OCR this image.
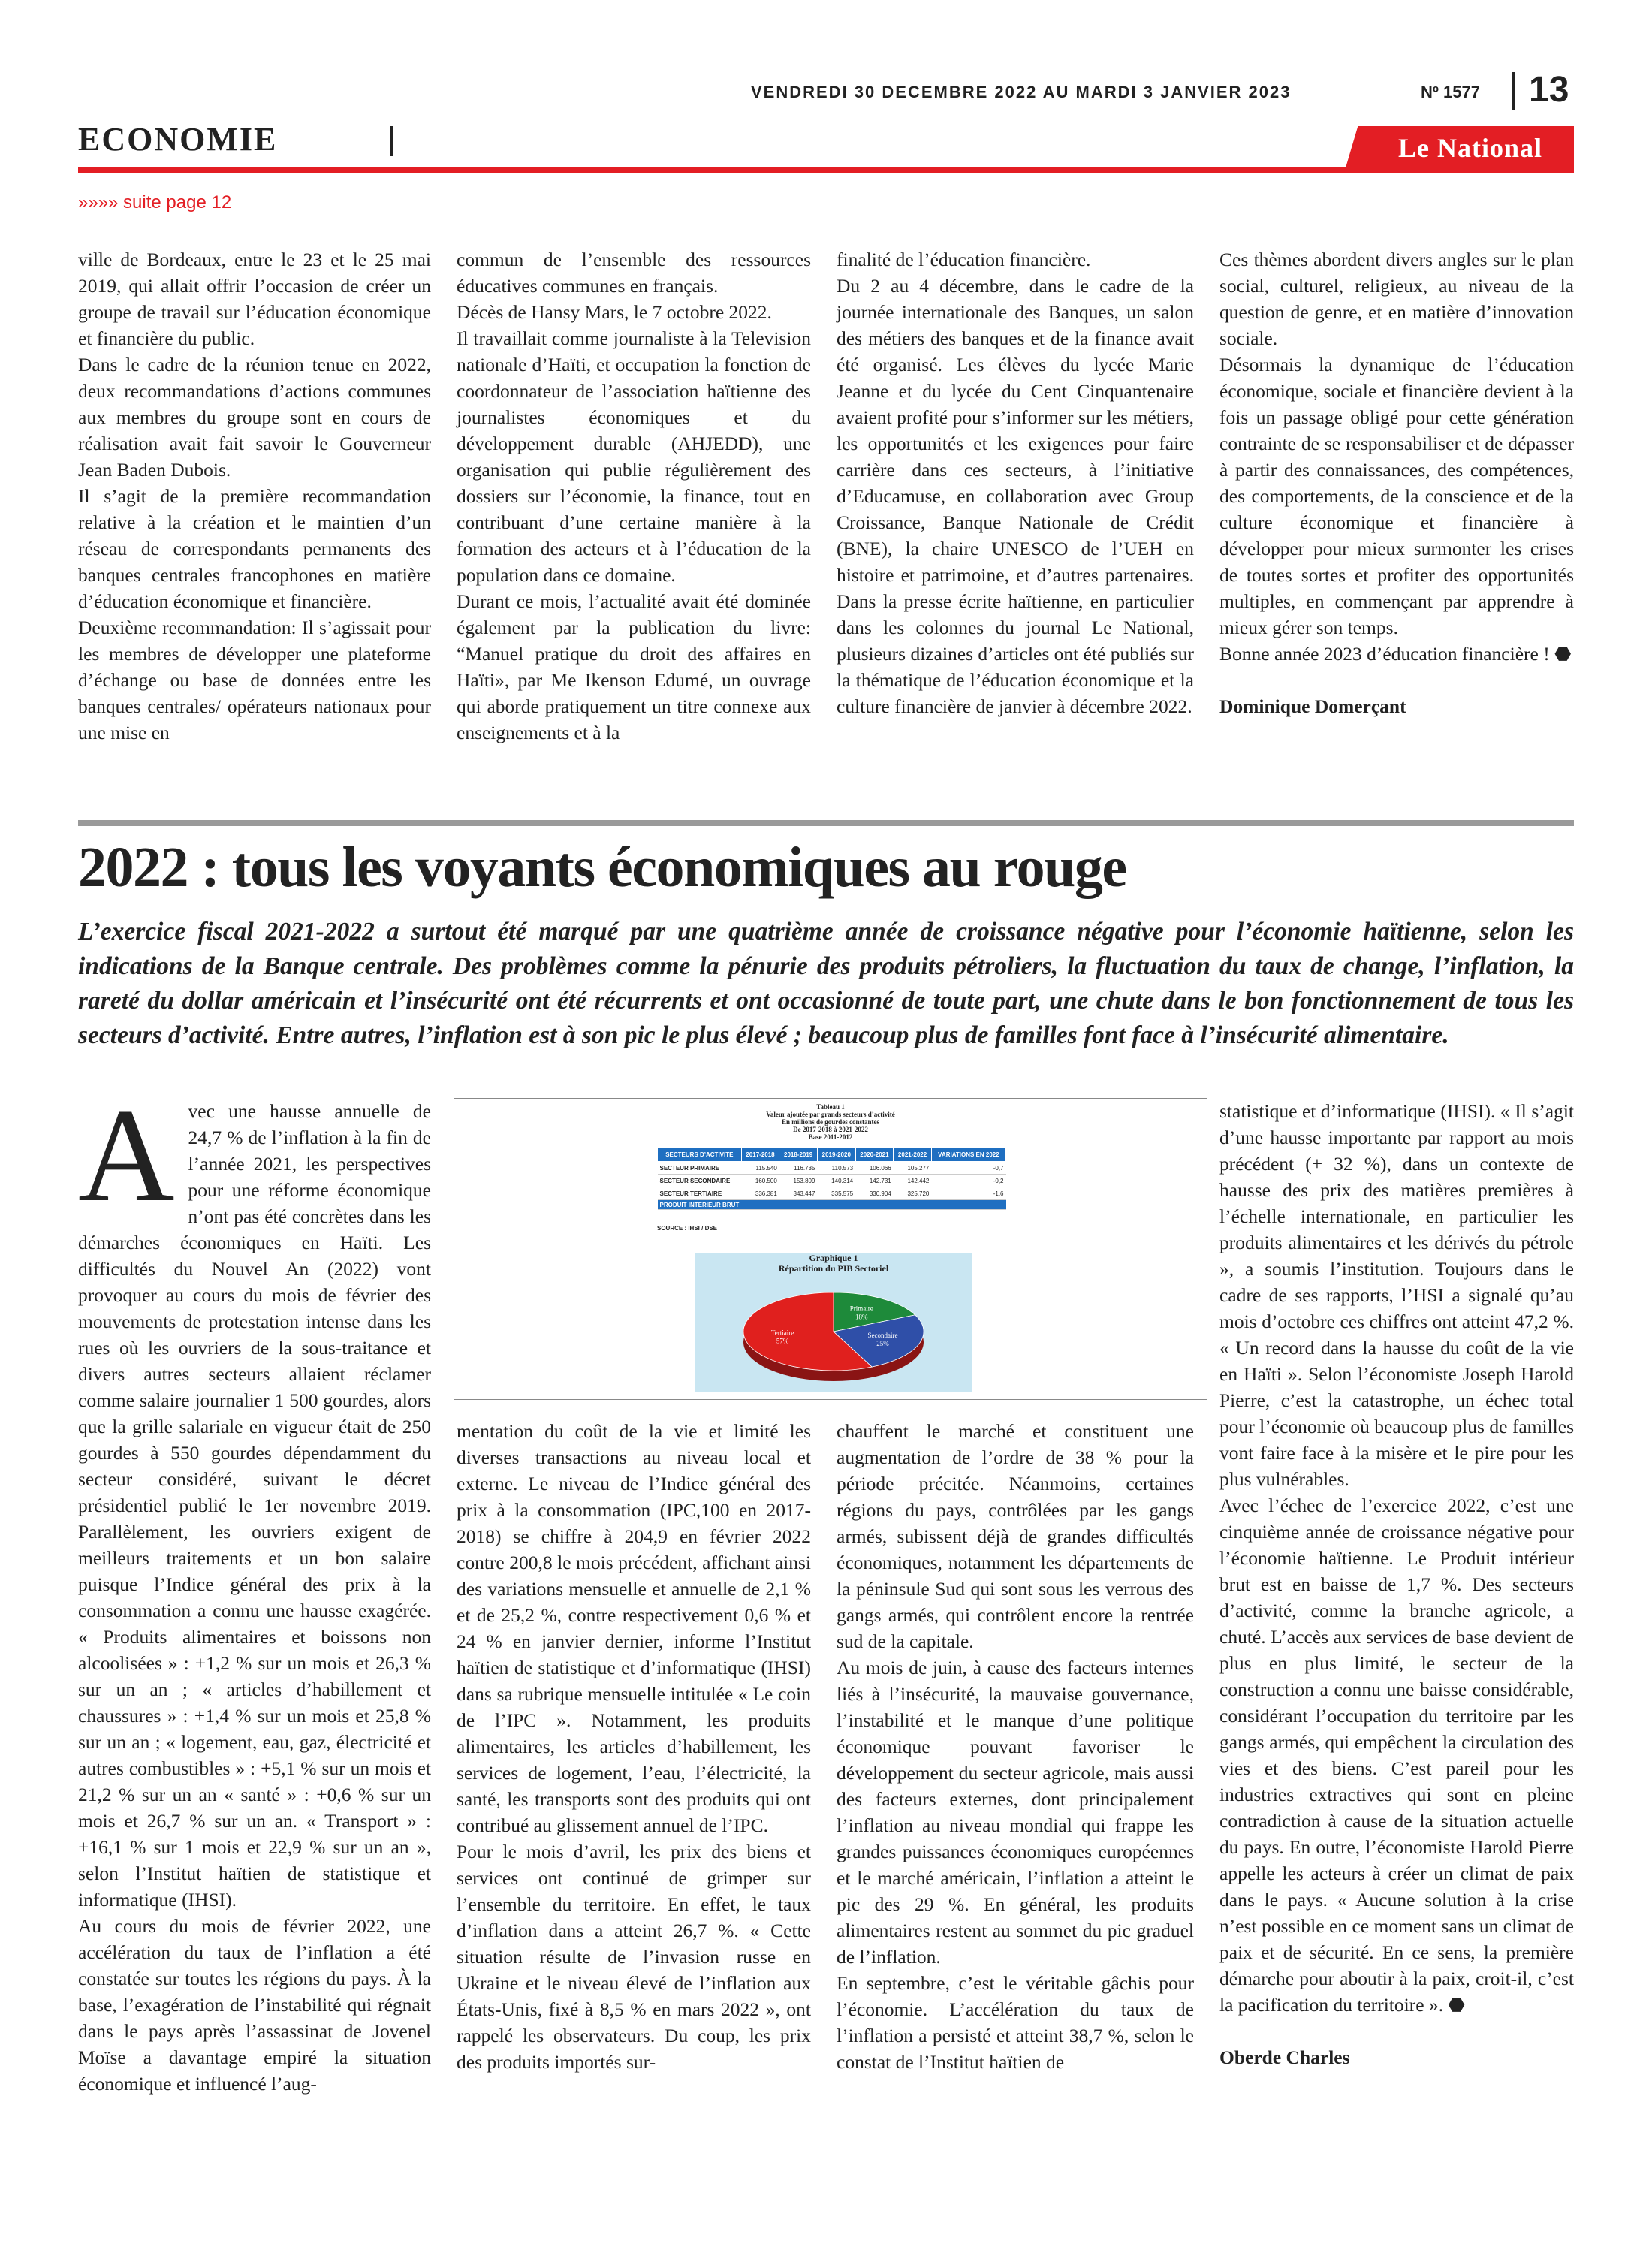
VENDREDI 30 DECEMBRE 2022 AU MARDI 3 JANVIER 2023	Nº 1577 13
ECONOMIE	Le National
»»»» suite page 12

ville de Bordeaux, entre le 23 et le 25 mai 2019, qui allait offrir l’occasion de créer un groupe de travail sur l’éducation économique et financière du public.

Dans le cadre de la réunion tenue en 2022, deux recommandations d’actions communes aux membres du groupe sont en cours de réalisation avait fait savoir le Gouverneur Jean Baden Dubois.

Il s’agit de la première recommandation relative à la création et le maintien d’un réseau de correspondants permanents des banques centrales francophones en matière d’éducation économique et financière.

Deuxième recommandation: Il s’agissait pour les membres de développer une plateforme d’échange ou base de données entre les banques centrales/ opérateurs nationaux pour une mise en

commun de l’ensemble des ressources éducatives communes en français.

Décès de Hansy Mars, le 7 octobre 2022.

Il travaillait comme journaliste à la Television nationale d’Haïti, et occupation la fonction de coordonnateur de l’association haïtienne des journalistes économiques et du développement durable (AHJEDD), une organisation qui publie régulièrement des dossiers sur l’économie, la finance, tout en contribuant d’une certaine manière à la formation des acteurs et à l’éducation de la population dans ce domaine.

Durant ce mois, l’actualité avait été dominée également par la publication du livre: “Manuel pratique du droit des affaires en Haïti», par Me Ikenson Edumé, un ouvrage qui aborde pratiquement un titre connexe aux enseignements et à la

finalité de l’éducation financière.

Du 2 au 4 décembre, dans le cadre de la journée internationale des Banques, un salon des métiers des banques et de la finance avait été organisé. Les élèves du lycée Marie Jeanne et du lycée du Cent Cinquantenaire avaient profité pour s’informer sur les métiers, les opportunités et les exigences pour faire carrière dans ces secteurs, à l’initiative d’Educamuse, en collaboration avec Group Croissance, Banque Nationale de Crédit (BNE), la chaire UNESCO de l’UEH en histoire et patrimoine, et d’autres partenaires. Dans la presse écrite haïtienne, en particulier dans les colonnes du journal Le National, plusieurs dizaines d’articles ont été publiés sur la thématique de l’éducation économique et la culture financière de janvier à décembre 2022.

Ces thèmes abordent divers angles sur le plan social, culturel, religieux, au niveau de la question de genre, et en matière d’innovation sociale.

Désormais la dynamique de l’éducation économique, sociale et financière devient à la fois un passage obligé pour cette génération contrainte de se responsabiliser et de dépasser à partir des connaissances, des compétences, des comportements, de la conscience et de la culture économique et financière à développer pour mieux surmonter les crises de toutes sortes et profiter des opportunités multiples, en commençant par apprendre à mieux gérer son temps.

Bonne année 2023 d’éducation financière ! ⬣

Dominique Domerçant

2022 : tous les voyants économiques au rouge
L’exercice fiscal 2021-2022 a surtout été marqué par une quatrième année de croissance négative pour l’économie haïtienne, selon les indications de la Banque centrale. Des problèmes comme la pénurie des produits pétroliers, la fluctuation du taux de change, l’inflation, la rareté du dollar américain et l’insécurité ont été récurrents et ont occasionné de toute part, une chute dans le bon fonctionnement de tous les secteurs d’activité. Entre autres, l’inflation est à son pic le plus élevé ; beaucoup plus de familles font face à l’insécurité alimentaire.
A vec une hausse annuelle de 24,7 % de l’inflation à la fin de l’année 2021, les perspectives pour une réforme économique n’ont pas été concrètes dans les démarches économiques en Haïti. Les difficultés du Nouvel An (2022) vont provoquer au cours du mois de février des mouvements de protestation intense dans les rues où les ouvriers de la sous-traitance et divers autres secteurs allaient réclamer comme salaire journalier 1 500 gourdes, alors que la grille salariale en vigueur était de 250 gourdes à 550 gourdes dépendamment du secteur considéré, suivant le décret présidentiel publié le 1er novembre 2019. Parallèlement, les ouvriers exigent de meilleurs traitements et un bon salaire puisque l’Indice général des prix à la consommation a connu une hausse exagérée. « Produits alimentaires et boissons non alcoolisées » : +1,2 % sur un mois et 26,3 % sur un an ; « articles d’habillement et chaussures » : +1,4 % sur un mois et 25,8 % sur un an ; « logement, eau, gaz, électricité et autres combustibles » : +5,1 % sur un mois et 21,2 % sur un an « santé » : +0,6 % sur un mois et 26,7 % sur un an. « Transport » : +16,1 % sur 1 mois et 22,9 % sur un an », selon l’Institut haïtien de statistique et informatique (IHSI).

Au cours du mois de février 2022, une accélération du taux de l’inflation a été constatée sur toutes les régions du pays. À la base, l’exagération de l’instabilité qui régnait dans le pays après l’assassinat de Jovenel Moïse a davantage empiré la situation économique et influencé l’aug-

Tableau 1
Valeur ajoutée par grands secteurs d’activité
En millions de gourdes constantes
De 2017-2018 à 2021-2022
Base 2011-2012
SECTEURS D’ACTIVITE	2017-2018	2018-2019	2019-2020	2020-2021	2021-2022	VARIATIONS EN 2022
SECTEUR PRIMAIRE	115.540	116.735	110.573	106.066	105.277	-0,7
SECTEUR SECONDAIRE	160.500	153.809	140.314	142.731	142.442	-0,2
SECTEUR TERTIAIRE	336.381	343.447	335.575	330.904	325.720	-1,6
PRODUIT INTERIEUR BRUT						
SOURCE : IHSI / DSE
Graphique 1
Répartition du PIB Sectoriel
Primaire
18%
Secondaire
25%
Tertiaire
57%

mentation du coût de la vie et limité les diverses transactions au niveau local et externe. Le niveau de l’Indice général des prix à la consommation (IPC,100 en 2017-2018) se chiffre à 204,9 en février 2022 contre 200,8 le mois précédent, affichant ainsi des variations mensuelle et annuelle de 2,1 % et de 25,2 %, contre respectivement 0,6 % et 24 % en janvier dernier, informe l’Institut haïtien de statistique et d’informatique (IHSI) dans sa rubrique mensuelle intitulée « Le coin de l’IPC ». Notamment, les produits alimentaires, les articles d’habillement, les services de logement, l’eau, l’électricité, la santé, les transports sont des produits qui ont contribué au glissement annuel de l’IPC.

Pour le mois d’avril, les prix des biens et services ont continué de grimper sur l’ensemble du territoire. En effet, le taux d’inflation dans a atteint 26,7 %. « Cette situation résulte de l’invasion russe en Ukraine et le niveau élevé de l’inflation aux États-Unis, fixé à 8,5 % en mars 2022 », ont rappelé les observateurs. Du coup, les prix des produits importés sur-

chauffent le marché et constituent une augmentation de l’ordre de 38 % pour la période précitée. Néanmoins, certaines régions du pays, contrôlées par les gangs armés, subissent déjà de grandes difficultés économiques, notamment les départements de la péninsule Sud qui sont sous les verrous des gangs armés, qui contrôlent encore la rentrée sud de la capitale.

Au mois de juin, à cause des facteurs internes liés à l’insécurité, la mauvaise gouvernance, l’instabilité et le manque d’une politique économique pouvant favoriser le développement du secteur agricole, mais aussi des facteurs externes, dont principalement l’inflation au niveau mondial qui frappe les grandes puissances économiques européennes et le marché américain, l’inflation a atteint le pic des 29 %. En général, les produits alimentaires restent au sommet du pic graduel de l’inflation.

En septembre, c’est le véritable gâchis pour l’économie. L’accélération du taux de l’inflation a persisté et atteint 38,7 %, selon le constat de l’Institut haïtien de

statistique et d’informatique (IHSI). « Il s’agit d’une hausse importante par rapport au mois précédent (+ 32 %), dans un contexte de hausse des prix des matières premières à l’échelle internationale, en particulier les produits alimentaires et les dérivés du pétrole », a soumis l’institution. Toujours dans le cadre de ses rapports, l’HSI a signalé qu’au mois d’octobre ces chiffres ont atteint 47,2 %. « Un record dans la hausse du coût de la vie en Haïti ». Selon l’économiste Joseph Harold Pierre, c’est la catastrophe, un échec total pour l’économie où beaucoup plus de familles vont faire face à la misère et le pire pour les plus vulnérables.

Avec l’échec de l’exercice 2022, c’est une cinquième année de croissance négative pour l’économie haïtienne. Le Produit intérieur brut est en baisse de 1,7 %. Des secteurs d’activité, comme la branche agricole, a chuté. L’accès aux services de base devient de plus en plus limité, le secteur de la construction a connu une baisse considérable, considérant l’occupation du territoire par les gangs armés, qui empêchent la circulation des vies et des biens. C’est pareil pour les industries extractives qui sont en pleine contradiction à cause de la situation actuelle du pays. En outre, l’économiste Harold Pierre appelle les acteurs à créer un climat de paix dans le pays. « Aucune solution à la crise n’est possible en ce moment sans un climat de paix et de sécurité. En ce sens, la première démarche pour aboutir à la paix, croit-il, c’est la pacification du territoire ». ⬣

Oberde Charles
